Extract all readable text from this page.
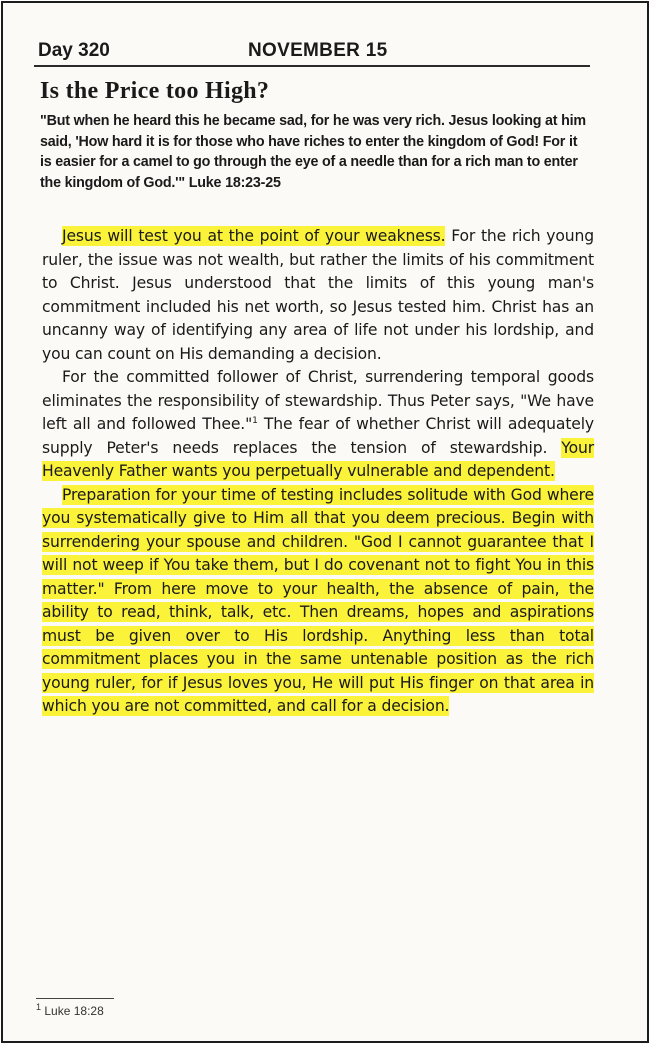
Day 320	NOVEMBER 15
Is the Price too High?
"But when he heard this he became sad, for he was very rich. Jesus looking at him said, 'How hard it is for those who have riches to enter the kingdom of God! For it is easier for a camel to go through the eye of a needle than for a rich man to enter the kingdom of God.'" Luke 18:23-25

Jesus will test you at the point of your weakness. For the rich young ruler, the issue was not wealth, but rather the limits of his commitment to Christ. Jesus understood that the limits of this young man's commitment included his net worth, so Jesus tested him. Christ has an uncanny way of identifying any area of life not under his lordship, and you can count on His demanding a decision.

For the committed follower of Christ, surrendering temporal goods eliminates the responsibility of stewardship. Thus Peter says, "We have left all and followed Thee."$^1$ The fear of whether Christ will adequately supply Peter's needs replaces the tension of stewardship. Your Heavenly Father wants you perpetually vulnerable and dependent.

Preparation for your time of testing includes solitude with God where you systematically give to Him all that you deem precious. Begin with surrendering your spouse and children. "God I cannot guarantee that I will not weep if You take them, but I do covenant not to fight You in this matter." From here move to your health, the absence of pain, the ability to read, think, talk, etc. Then dreams, hopes and aspirations must be given over to His lordship. Anything less than total commitment places you in the same untenable position as the rich young ruler, for if Jesus loves you, He will put His finger on that area in which you are not committed, and call for a decision.

$^1$ Luke 18:28
